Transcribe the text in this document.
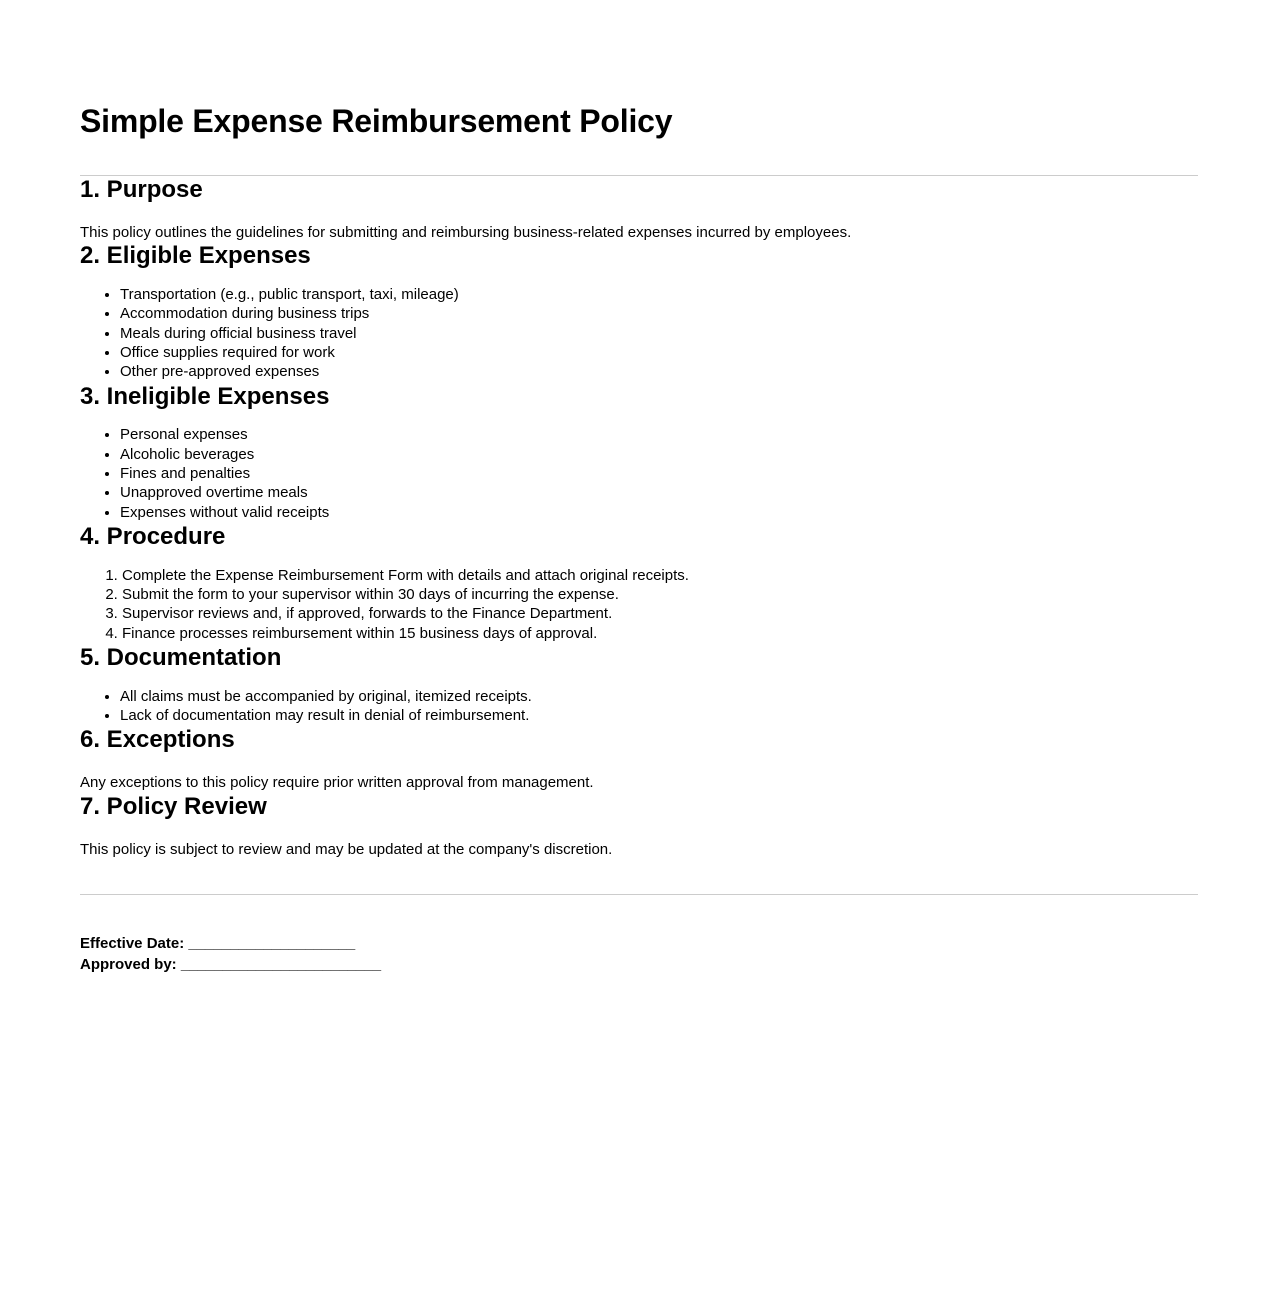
Simple Expense Reimbursement Policy
1. Purpose

This policy outlines the guidelines for submitting and reimbursing business-related expenses incurred by employees.

2. Eligible Expenses
• Transportation (e.g., public transport, taxi, mileage)
• Accommodation during business trips
• Meals during official business travel
• Office supplies required for work
• Other pre-approved expenses
3. Ineligible Expenses
• Personal expenses
• Alcoholic beverages
• Fines and penalties
• Unapproved overtime meals
• Expenses without valid receipts
4. Procedure
1. Complete the Expense Reimbursement Form with details and attach original receipts.
2. Submit the form to your supervisor within 30 days of incurring the expense.
3. Supervisor reviews and, if approved, forwards to the Finance Department.
4. Finance processes reimbursement within 15 business days of approval.
5. Documentation
• All claims must be accompanied by original, itemized receipts.
• Lack of documentation may result in denial of reimbursement.
6. Exceptions

Any exceptions to this policy require prior written approval from management.

7. Policy Review

This policy is subject to review and may be updated at the company's discretion.

Effective Date: ____________________
Approved by: ________________________
